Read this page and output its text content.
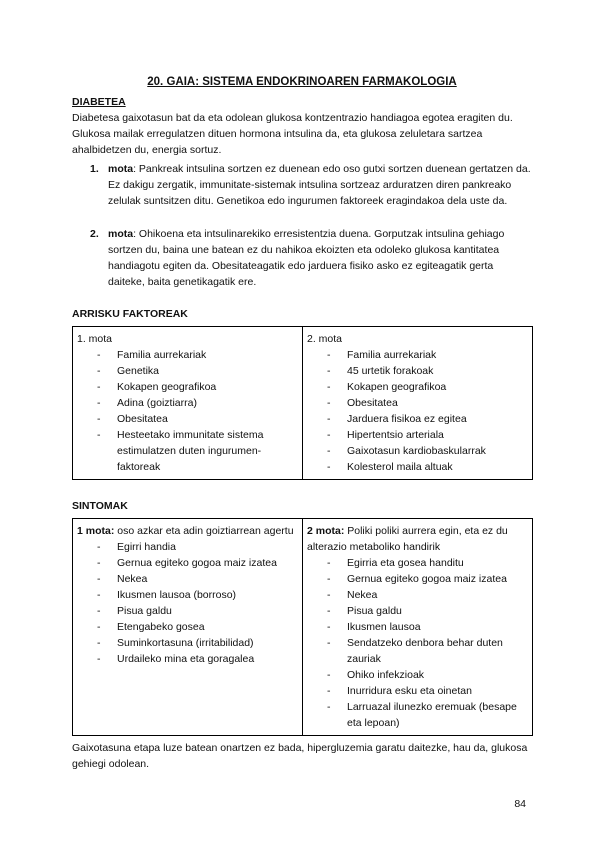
20. GAIA: SISTEMA ENDOKRINOAREN FARMAKOLOGIA
DIABETEA

Diabetesa gaixotasun bat da eta odolean glukosa kontzentrazio handiagoa egotea eragiten du. Glukosa mailak erregulatzen dituen hormona intsulina da, eta glukosa zeluletara sartzea ahalbidetzen du, energia sortuz.

1. mota: Pankreak intsulina sortzen ez duenean edo oso gutxi sortzen duenean gertatzen da. Ez dakigu zergatik, immunitate-sistemak intsulina sortzeaz arduratzen diren pankreako zelulak suntsitzen ditu. Genetikoa edo ingurumen faktoreek eragindakoa dela uste da.
2. mota: Ohikoena eta intsulinarekiko erresistentzia duena. Gorputzak intsulina gehiago sortzen du, baina une batean ez du nahikoa ekoizten eta odoleko glukosa kantitatea handiagotu egiten da. Obesitateagatik edo jarduera fisiko asko ez egiteagatik gerta daiteke, baita genetikagatik ere.
ARRISKU FAKTOREAK
1. mota
- Familia aurrekariak
- Genetika
- Kokapen geografikoa
- Adina (goiztiarra)
- Obesitatea
- Hesteetako immunitate sistema estimulatzen duten ingurumen-faktoreak

2. mota
- Familia aurrekariak
- 45 urtetik forakoak
- Kokapen geografikoa
- Obesitatea
- Jarduera fisikoa ez egitea
- Hipertentsio arteriala
- Gaixotasun kardiobaskularrak
- Kolesterol maila altuak
SINTOMAK
1 mota: oso azkar eta adin goiztiarrean agertu
- Egirri handia
- Gernua egiteko gogoa maiz izatea
- Nekea
- Ikusmen lausoa (borroso)
- Pisua galdu
- Etengabeko gosea
- Suminkortasuna (irritabilidad)
- Urdaileko mina eta goragalea

2 mota: Poliki poliki aurrera egin, eta ez du alterazio metaboliko handirik
- Egirria eta gosea handitu
- Gernua egiteko gogoa maiz izatea
- Nekea
- Pisua galdu
- Ikusmen lausoa
- Sendatzeko denbora behar duten zauriak
- Ohiko infekzioak
- Inurridura esku eta oinetan
- Larruazal ilunezko eremuak (besape eta lepoan)

Gaixotasuna etapa luze batean onartzen ez bada, hipergluzemia garatu daitezke, hau da, glukosa gehiegi odolean.

84
